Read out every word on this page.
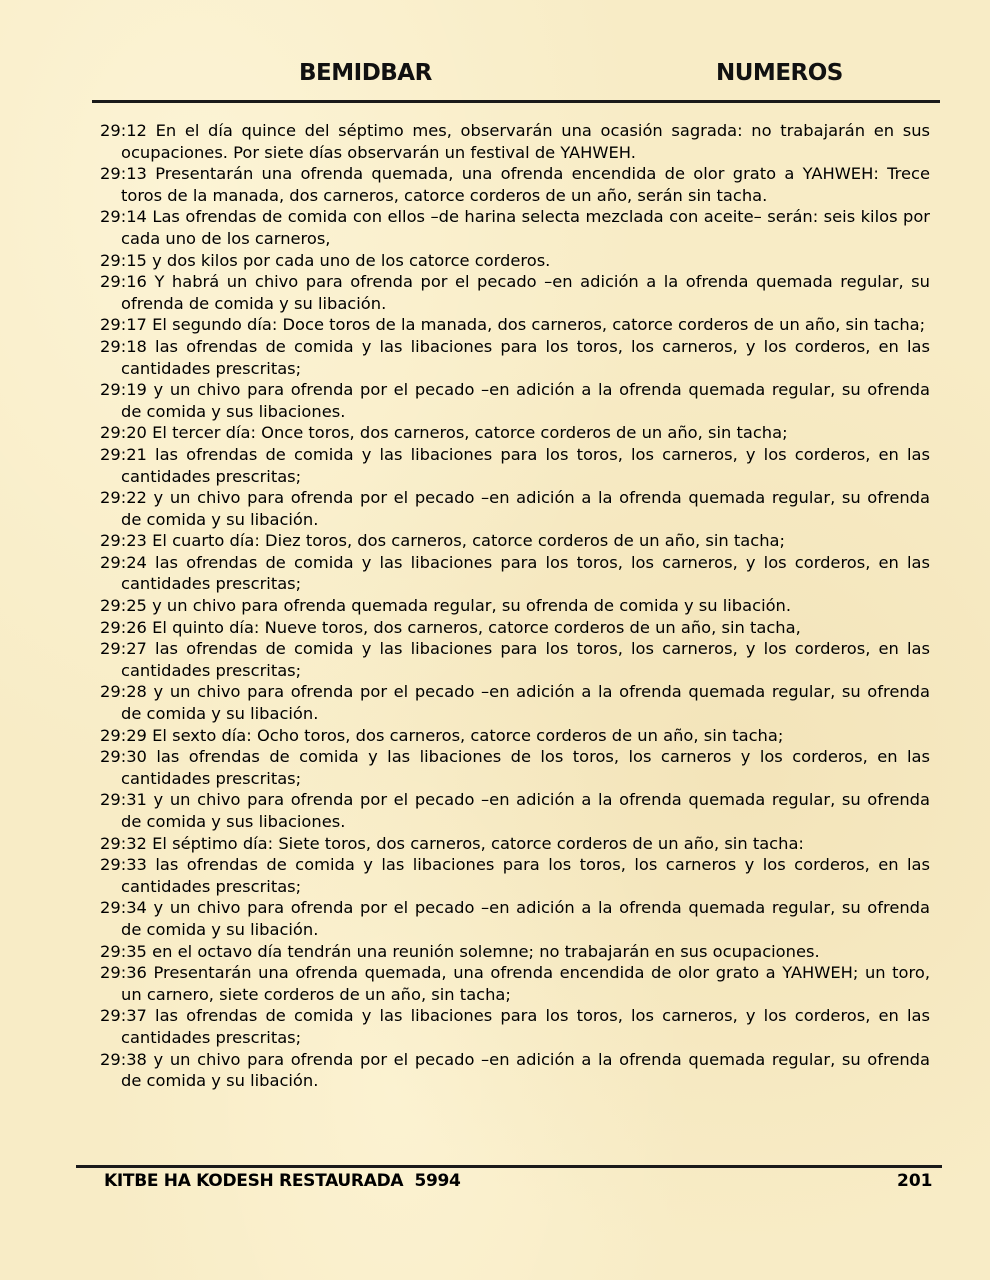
BEMIDBAR	NUMEROS

29:12 En el día quince del séptimo mes, observarán una ocasión sagrada: no trabajarán en sus ocupaciones. Por siete días observarán un festival de YAHWEH.

29:13 Presentarán una ofrenda quemada, una ofrenda encendida de olor grato a YAHWEH: Trece toros de la manada, dos carneros, catorce corderos de un año, serán sin tacha.

29:14 Las ofrendas de comida con ellos –de harina selecta mezclada con aceite– serán: seis kilos por cada uno de los carneros,

29:15 y dos kilos por cada uno de los catorce corderos.

29:16 Y habrá un chivo para ofrenda por el pecado –en adición a la ofrenda quemada regular, su ofrenda de comida y su libación.

29:17 El segundo día: Doce toros de la manada, dos carneros, catorce corderos de un año, sin tacha;

29:18 las ofrendas de comida y las libaciones para los toros, los carneros, y los corderos, en las cantidades prescritas;

29:19 y un chivo para ofrenda por el pecado –en adición a la ofrenda quemada regular, su ofrenda de comida y sus libaciones.

29:20 El tercer día: Once toros, dos carneros, catorce corderos de un año, sin tacha;

29:21 las ofrendas de comida y las libaciones para los toros, los carneros, y los corderos, en las cantidades prescritas;

29:22 y un chivo para ofrenda por el pecado –en adición a la ofrenda quemada regular, su ofrenda de comida y su libación.

29:23 El cuarto día: Diez toros, dos carneros, catorce corderos de un año, sin tacha;

29:24 las ofrendas de comida y las libaciones para los toros, los carneros, y los corderos, en las cantidades prescritas;

29:25 y un chivo para ofrenda quemada regular, su ofrenda de comida y su libación.

29:26 El quinto día: Nueve toros, dos carneros, catorce corderos de un año, sin tacha,

29:27 las ofrendas de comida y las libaciones para los toros, los carneros, y los corderos, en las cantidades prescritas;

29:28 y un chivo para ofrenda por el pecado –en adición a la ofrenda quemada regular, su ofrenda de comida y su libación.

29:29 El sexto día: Ocho toros, dos carneros, catorce corderos de un año, sin tacha;

29:30 las ofrendas de comida y las libaciones de los toros, los carneros y los corderos, en las cantidades prescritas;

29:31 y un chivo para ofrenda por el pecado –en adición a la ofrenda quemada regular, su ofrenda de comida y sus libaciones.

29:32 El séptimo día: Siete toros, dos carneros, catorce corderos de un año, sin tacha:

29:33 las ofrendas de comida y las libaciones para los toros, los carneros y los corderos, en las cantidades prescritas;

29:34 y un chivo para ofrenda por el pecado –en adición a la ofrenda quemada regular, su ofrenda de comida y su libación.

29:35 en el octavo día tendrán una reunión solemne; no trabajarán en sus ocupaciones.

29:36 Presentarán una ofrenda quemada, una ofrenda encendida de olor grato a YAHWEH; un toro, un carnero, siete corderos de un año, sin tacha;

29:37 las ofrendas de comida y las libaciones para los toros, los carneros, y los corderos, en las cantidades prescritas;

29:38 y un chivo para ofrenda por el pecado –en adición a la ofrenda quemada regular, su ofrenda de comida y su libación.

KITBE HA KODESH RESTAURADA  5994	201
